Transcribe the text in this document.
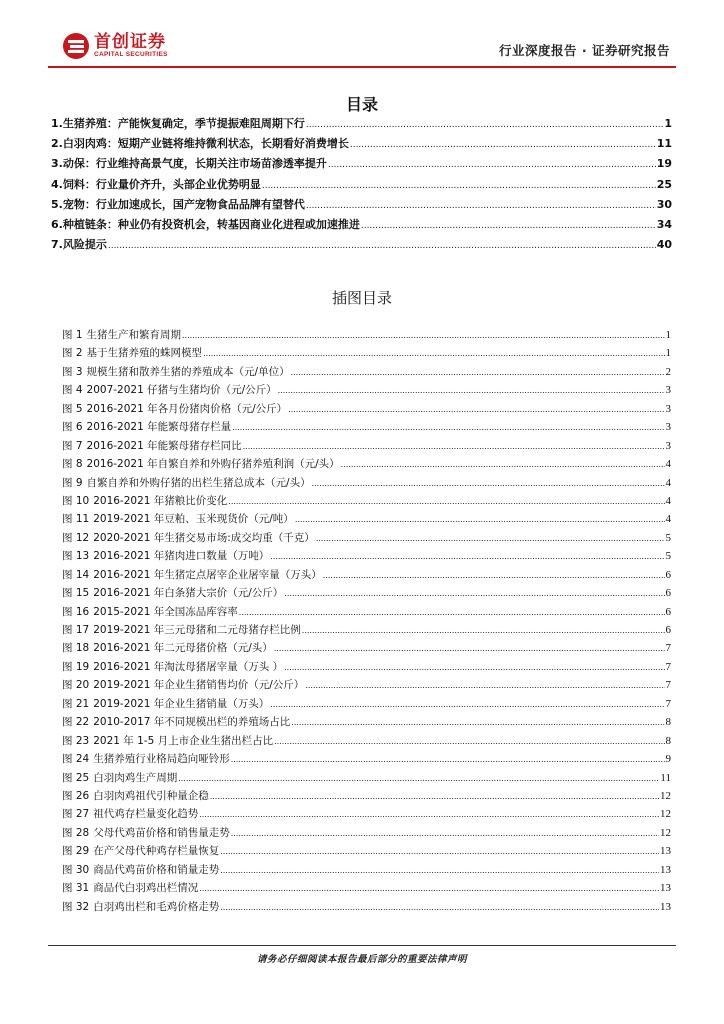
首创证券
CAPITAL SECURITIES	行业深度报告 · 证券研究报告
目录
1.生猪养殖：产能恢复确定，季节提振难阻周期下行 .....	1
2.白羽肉鸡：短期产业链将维持微利状态，长期看好消费增长 .....	11
3.动保：行业维持高景气度，长期关注市场苗渗透率提升 .....	19
4.饲料：行业量价齐升，头部企业优势明显 .....	25
5.宠物：行业加速成长，国产宠物食品品牌有望替代 .....	30
6.种植链条：种业仍有投资机会，转基因商业化进程或加速推进 .....	34
7.风险提示 .....	40
插图目录
图 1 生猪生产和繁育周期 .....	1
图 2 基于生猪养殖的蛛网模型 .....	1
图 3 规模生猪和散养生猪的养殖成本（元/单位） .....	2
图 4 2007-2021 仔猪与生猪均价（元/公斤） .....	3
图 5 2016-2021 年各月份猪肉价格（元/公斤） .....	3
图 6 2016-2021 年能繁母猪存栏量 .....	3
图 7 2016-2021 年能繁母猪存栏同比 .....	3
图 8 2016-2021 年自繁自养和外购仔猪养殖利润（元/头） .....	4
图 9 自繁自养和外购仔猪的出栏生猪总成本（元/头） .....	4
图 10 2016-2021 年猪粮比价变化 .....	4
图 11 2019-2021 年豆粕、玉米现货价（元/吨） .....	4
图 12 2020-2021 年生猪交易市场:成交均重（千克） .....	5
图 13 2016-2021 年猪肉进口数量（万吨） .....	5
图 14 2016-2021 年生猪定点屠宰企业屠宰量（万头） .....	6
图 15 2016-2021 年白条猪大宗价（元/公斤） .....	6
图 16 2015-2021 年全国冻品库容率 .....	6
图 17 2019-2021 年三元母猪和二元母猪存栏比例 .....	6
图 18 2016-2021 年二元母猪价格（元/头） .....	7
图 19 2016-2021 年淘汰母猪屠宰量（万头 ） .....	7
图 20 2019-2021 年企业生猪销售均价（元/公斤） .....	7
图 21 2019-2021 年企业生猪销量（万头） .....	7
图 22 2010-2017 年不同规模出栏的养殖场占比 .....	8
图 23 2021 年 1-5 月上市企业生猪出栏占比 .....	8
图 24 生猪养殖行业格局趋向哑铃形 .....	9
图 25 白羽肉鸡生产周期 .....	11
图 26 白羽肉鸡祖代引种量企稳 .....	12
图 27 祖代鸡存栏量变化趋势 .....	12
图 28 父母代鸡苗价格和销售量走势 .....	12
图 29 在产父母代种鸡存栏量恢复 .....	13
图 30 商品代鸡苗价格和销量走势 .....	13
图 31 商品代白羽鸡出栏情况 .....	13
图 32 白羽鸡出栏和毛鸡价格走势 .....	13
请务必仔细阅读本报告最后部分的重要法律声明
